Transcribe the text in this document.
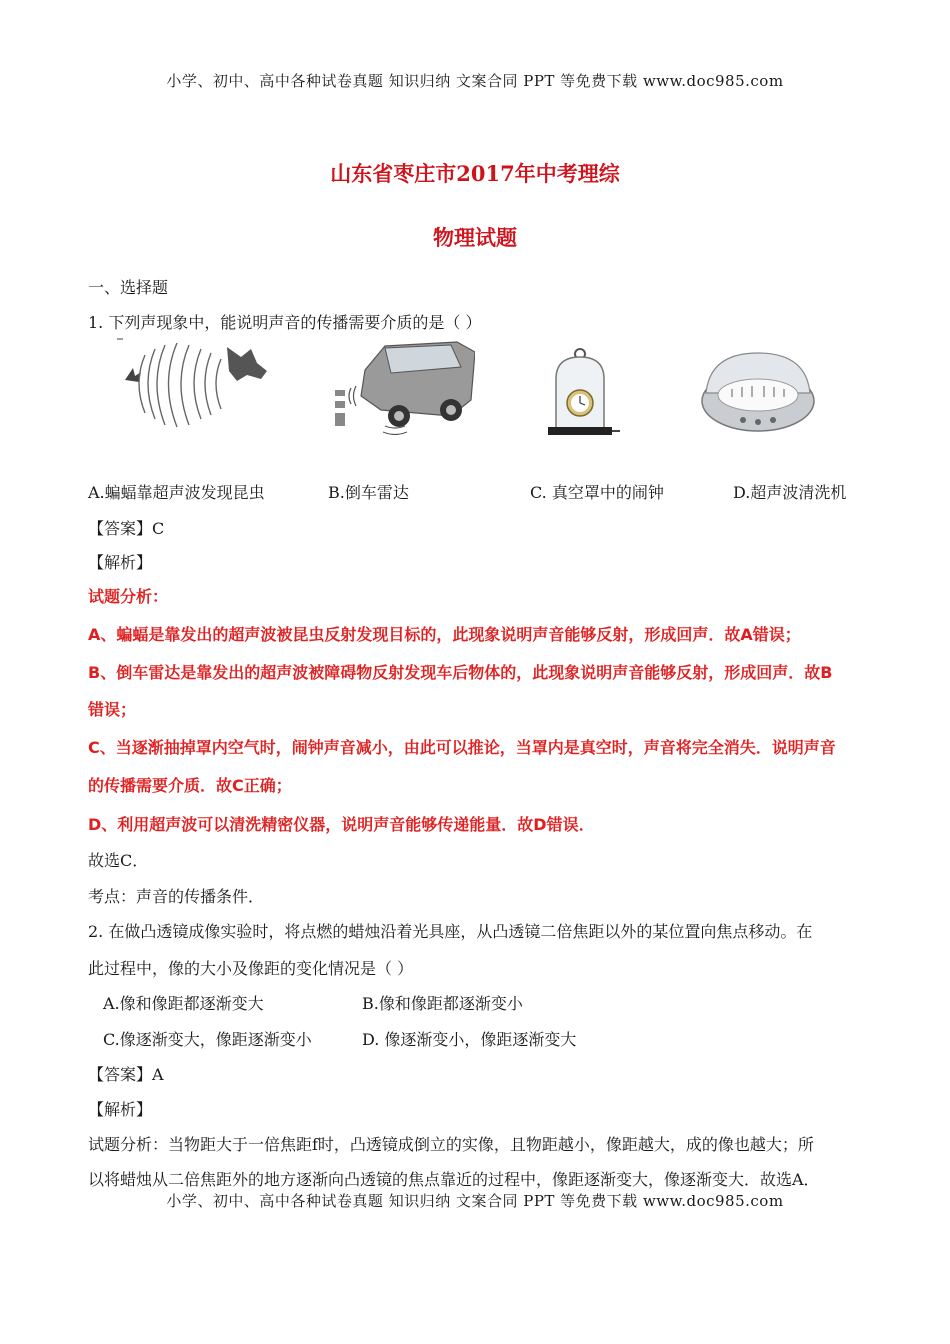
小学、初中、高中各种试卷真题 知识归纳 文案合同 PPT 等免费下载 www.doc985.com
山东省枣庄市2017年中考理综
物理试题
一、选择题
1. 下列声现象中，能说明声音的传播需要介质的是（ ）
A.蝙蝠靠超声波发现昆虫	B.倒车雷达	C. 真空罩中的闹钟	D.超声波清洗机
【答案】C
【解析】
试题分析：
A、蝙蝠是靠发出的超声波被昆虫反射发现目标的，此现象说明声音能够反射，形成回声．故A错误；
B、倒车雷达是靠发出的超声波被障碍物反射发现车后物体的，此现象说明声音能够反射，形成回声．故B
错误；
C、当逐渐抽掉罩内空气时，闹钟声音减小，由此可以推论，当罩内是真空时，声音将完全消失．说明声音
的传播需要介质．故C正确；
D、利用超声波可以清洗精密仪器，说明声音能够传递能量．故D错误．
故选C．
考点：声音的传播条件．
2. 在做凸透镜成像实验时，将点燃的蜡烛沿着光具座，从凸透镜二倍焦距以外的某位置向焦点移动。在
此过程中，像的大小及像距的变化情况是（ ）
A.像和像距都逐渐变大	B.像和像距都逐渐变小
C.像逐渐变大，像距逐渐变小	D. 像逐渐变小，像距逐渐变大
【答案】A
【解析】
试题分析：当物距大于一倍焦距f时，凸透镜成倒立的实像，且物距越小，像距越大，成的像也越大；所
以将蜡烛从二倍焦距外的地方逐渐向凸透镜的焦点靠近的过程中，像距逐渐变大，像逐渐变大．故选A．
小学、初中、高中各种试卷真题 知识归纳 文案合同 PPT 等免费下载 www.doc985.com
